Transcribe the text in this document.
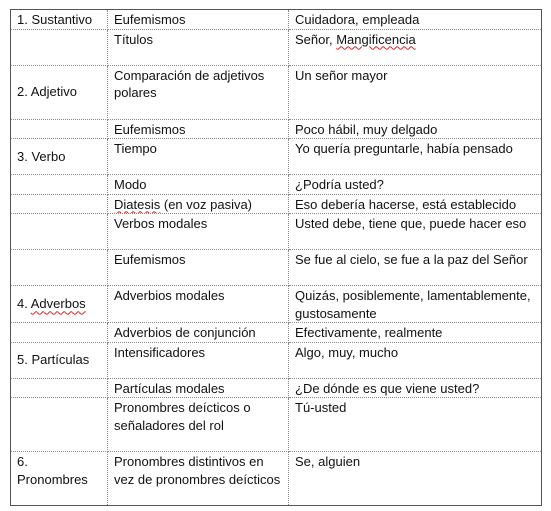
1. Sustantivo	Eufemismos	Cuidadora, empleada
	Títulos	Señor, Mangificencia
2. Adjetivo	Comparación de adjetivos polares	Un señor mayor
	Eufemismos	Poco hábil, muy delgado
3. Verbo	Tiempo	Yo quería preguntarle, había pensado
	Modo	¿Podría usted?
	Diatesis (en voz pasiva)	Eso debería hacerse, está establecido
	Verbos modales	Usted debe, tiene que, puede hacer eso
	Eufemismos	Se fue al cielo, se fue a la paz del Señor
4. Adverbos	Adverbios modales	Quizás, posiblemente, lamentablemente, gustosamente
	Adverbios de conjunción	Efectivamente, realmente
5. Partículas	Intensificadores	Algo, muy, mucho
	Partículas modales	¿De dónde es que viene usted?
	Pronombres deícticos o señaladores del rol	Tú-usted
6. Pronombres	Pronombres distintivos en vez de pronombres deícticos	Se, alguien
